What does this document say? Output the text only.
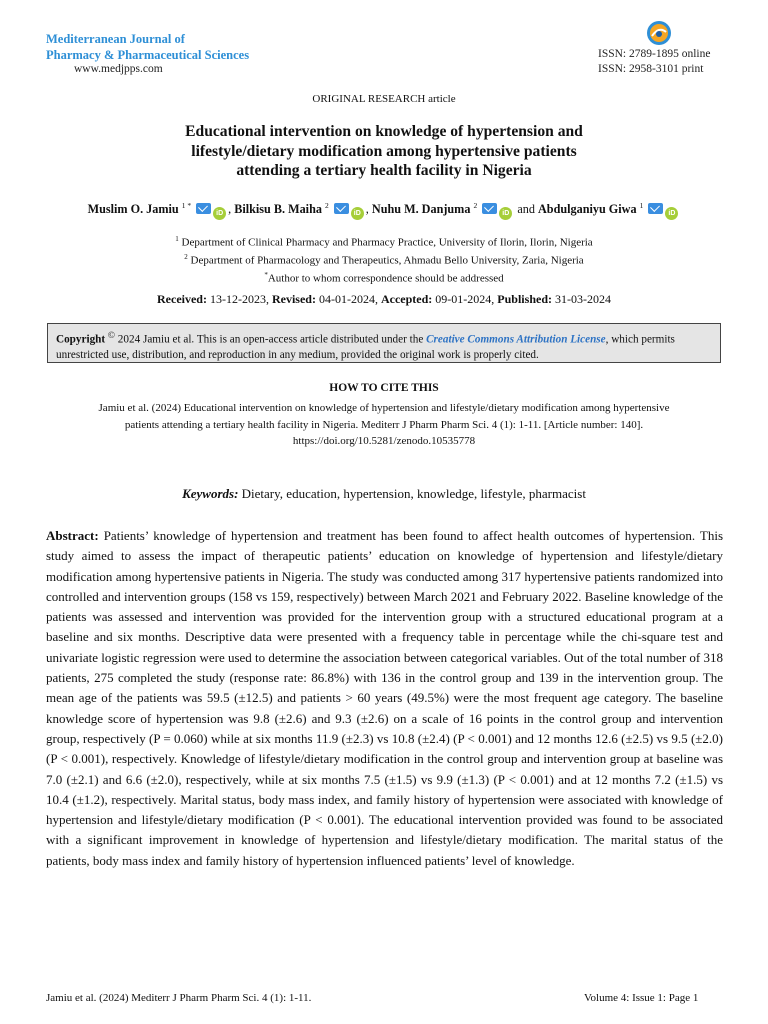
Mediterranean Journal of
Pharmacy & Pharmaceutical Sciences
www.medjpps.com
ISSN: 2789-1895 online
ISSN: 2958-3101 print
ORIGINAL RESEARCH article
Educational intervention on knowledge of hypertension and
lifestyle/dietary modification among hypertensive patients
attending a tertiary health facility in Nigeria
Muslim O. Jamiu $^{1 *}$ iD , Bilkisu B. Maiha $^2$ iD , Nuhu M. Danjuma $^2$ iD and Abdulganiyu Giwa $^1$ iD
$^1$ Department of Clinical Pharmacy and Pharmacy Practice, University of Ilorin, Ilorin, Nigeria
$^2$ Department of Pharmacology and Therapeutics, Ahmadu Bello University, Zaria, Nigeria
*Author to whom correspondence should be addressed
Received: 13-12-2023, Revised: 04-01-2024, Accepted: 09-01-2024, Published: 31-03-2024
Copyright © 2024 Jamiu et al. This is an open-access article distributed under the Creative Commons Attribution License, which permits unrestricted use, distribution, and reproduction in any medium, provided the original work is properly cited.
HOW TO CITE THIS
Jamiu et al. (2024) Educational intervention on knowledge of hypertension and lifestyle/dietary modification among hypertensive
patients attending a tertiary health facility in Nigeria. Mediterr J Pharm Pharm Sci. 4 (1): 1-11. [Article number: 140].
https://doi.org/10.5281/zenodo.10535778
Keywords: Dietary, education, hypertension, knowledge, lifestyle, pharmacist
Abstract: Patients’ knowledge of hypertension and treatment has been found to affect health outcomes of hypertension. This study aimed to assess the impact of therapeutic patients’ education on knowledge of hypertension and lifestyle/dietary modification among hypertensive patients in Nigeria. The study was conducted among 317 hypertensive patients randomized into controlled and intervention groups (158 vs 159, respectively) between March 2021 and February 2022. Baseline knowledge of the patients was assessed and intervention was provided for the intervention group with a structured educational program at a baseline and six months. Descriptive data were presented with a frequency table in percentage while the chi-square test and univariate logistic regression were used to determine the association between categorical variables. Out of the total number of 318 patients, 275 completed the study (response rate: 86.8%) with 136 in the control group and 139 in the intervention group. The mean age of the patients was 59.5 (±12.5) and patients > 60 years (49.5%) were the most frequent age category. The baseline knowledge score of hypertension was 9.8 (±2.6) and 9.3 (±2.6) on a scale of 16 points in the control group and intervention group, respectively (P = 0.060) while at six months 11.9 (±2.3) vs 10.8 (±2.4) (P < 0.001) and 12 months 12.6 (±2.5) vs 9.5 (±2.0) (P < 0.001), respectively. Knowledge of lifestyle/dietary modification in the control group and intervention group at baseline was 7.0 (±2.1) and 6.6 (±2.0), respectively, while at six months 7.5 (±1.5) vs 9.9 (±1.3) (P < 0.001) and at 12 months 7.2 (±1.5) vs 10.4 (±1.2), respectively. Marital status, body mass index, and family history of hypertension were associated with knowledge of hypertension and lifestyle/dietary modification (P < 0.001). The educational intervention provided was found to be associated with a significant improvement in knowledge of hypertension and lifestyle/dietary modification. The marital status of the patients, body mass index and family history of hypertension influenced patients’ level of knowledge.
Jamiu et al. (2024) Mediterr J Pharm Pharm Sci. 4 (1): 1-11.	Volume 4: Issue 1: Page 1
